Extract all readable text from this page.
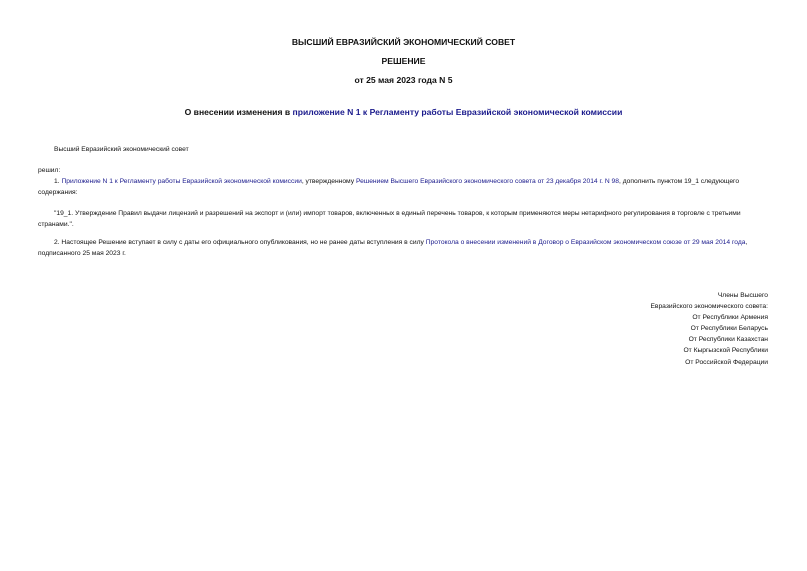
ВЫСШИЙ ЕВРАЗИЙСКИЙ ЭКОНОМИЧЕСКИЙ СОВЕТ
РЕШЕНИЕ
от 25 мая 2023 года N 5
О внесении изменения в приложение N 1 к Регламенту работы Евразийской экономической комиссии
Высший Евразийский экономический совет
решил:
1. Приложение N 1 к Регламенту работы Евразийской экономической комиссии, утвержденному Решением Высшего Евразийского экономического совета от 23 декабря 2014 г. N 98, дополнить пунктом 19_1 следующего содержания:
"19_1. Утверждение Правил выдачи лицензий и разрешений на экспорт и (или) импорт товаров, включенных в единый перечень товаров, к которым применяются меры нетарифного регулирования в торговле с третьими странами.".
2. Настоящее Решение вступает в силу с даты его официального опубликования, но не ранее даты вступления в силу Протокола о внесении изменений в Договор о Евразийском экономическом союзе от 29 мая 2014 года, подписанного 25 мая 2023 г.
Члены Высшего
Евразийского экономического совета:
От Республики Армения
От Республики Беларусь
От Республики Казахстан
От Кыргызской Республики
От Российской Федерации
